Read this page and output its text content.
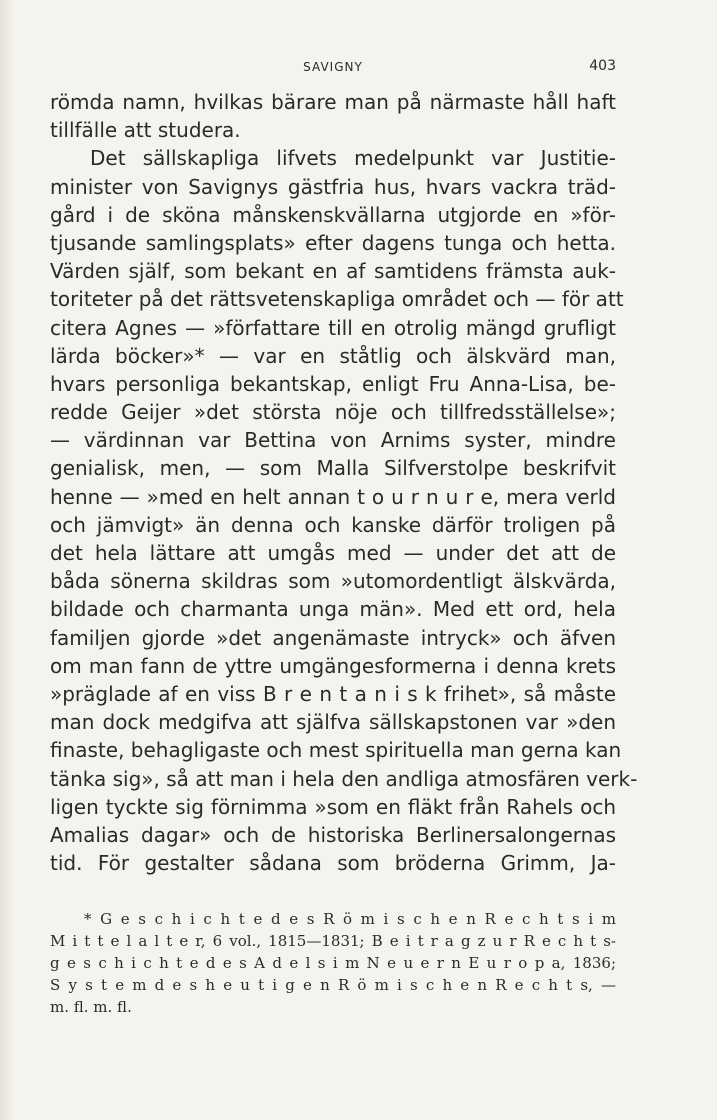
SAVIGNY	403
römda namn, hvilkas bärare man på närmaste håll haft
tillfälle att studera.
Det sällskapliga lifvets medelpunkt var Justitie-
minister von Savignys gästfria hus, hvars vackra träd-
gård i de sköna månskenskvällarna utgjorde en »för-
tjusande samlingsplats» efter dagens tunga och hetta.
Värden själf, som bekant en af samtidens främsta auk-
toriteter på det rättsvetenskapliga området och — för att
citera Agnes — »författare till en otrolig mängd grufligt
lärda böcker»* — var en ståtlig och älskvärd man,
hvars personliga bekantskap, enligt Fru Anna-Lisa, be-
redde Geijer »det största nöje och tillfredsställelse»;
— värdinnan var Bettina von Arnims syster, mindre
genialisk, men, — som Malla Silfverstolpe beskrifvit
henne — »med en helt annan t o u r n u r e, mera verld
och jämvigt» än denna och kanske därför troligen på
det hela lättare att umgås med — under det att de
båda sönerna skildras som »utomordentligt älskvärda,
bildade och charmanta unga män». Med ett ord, hela
familjen gjorde »det angenämaste intryck» och äfven
om man fann de yttre umgängesformerna i denna krets
»präglade af en viss B r e n t a n i s k frihet», så måste
man dock medgifva att själfva sällskapstonen var »den
finaste, behagligaste och mest spirituella man gerna kan
tänka sig», så att man i hela den andliga atmosfären verk-
ligen tyckte sig förnimma »som en fläkt från Rahels och
Amalias dagar» och de historiska Berlinersalongernas
tid. För gestalter sådana som bröderna Grimm, Ja-
* G e s c h i c h t e d e s R ö m i s c h e n R e c h t s i m
M i t t e l a l t e r, 6 vol., 1815—1831; B e i t r a g z u r R e c h t s-
g e s c h i c h t e d e s A d e l s i m N e u e r n E u r o p a, 1836;
S y s t e m d e s h e u t i g e n R ö m i s c h e n R e c h t s, —
m. fl. m. fl.
